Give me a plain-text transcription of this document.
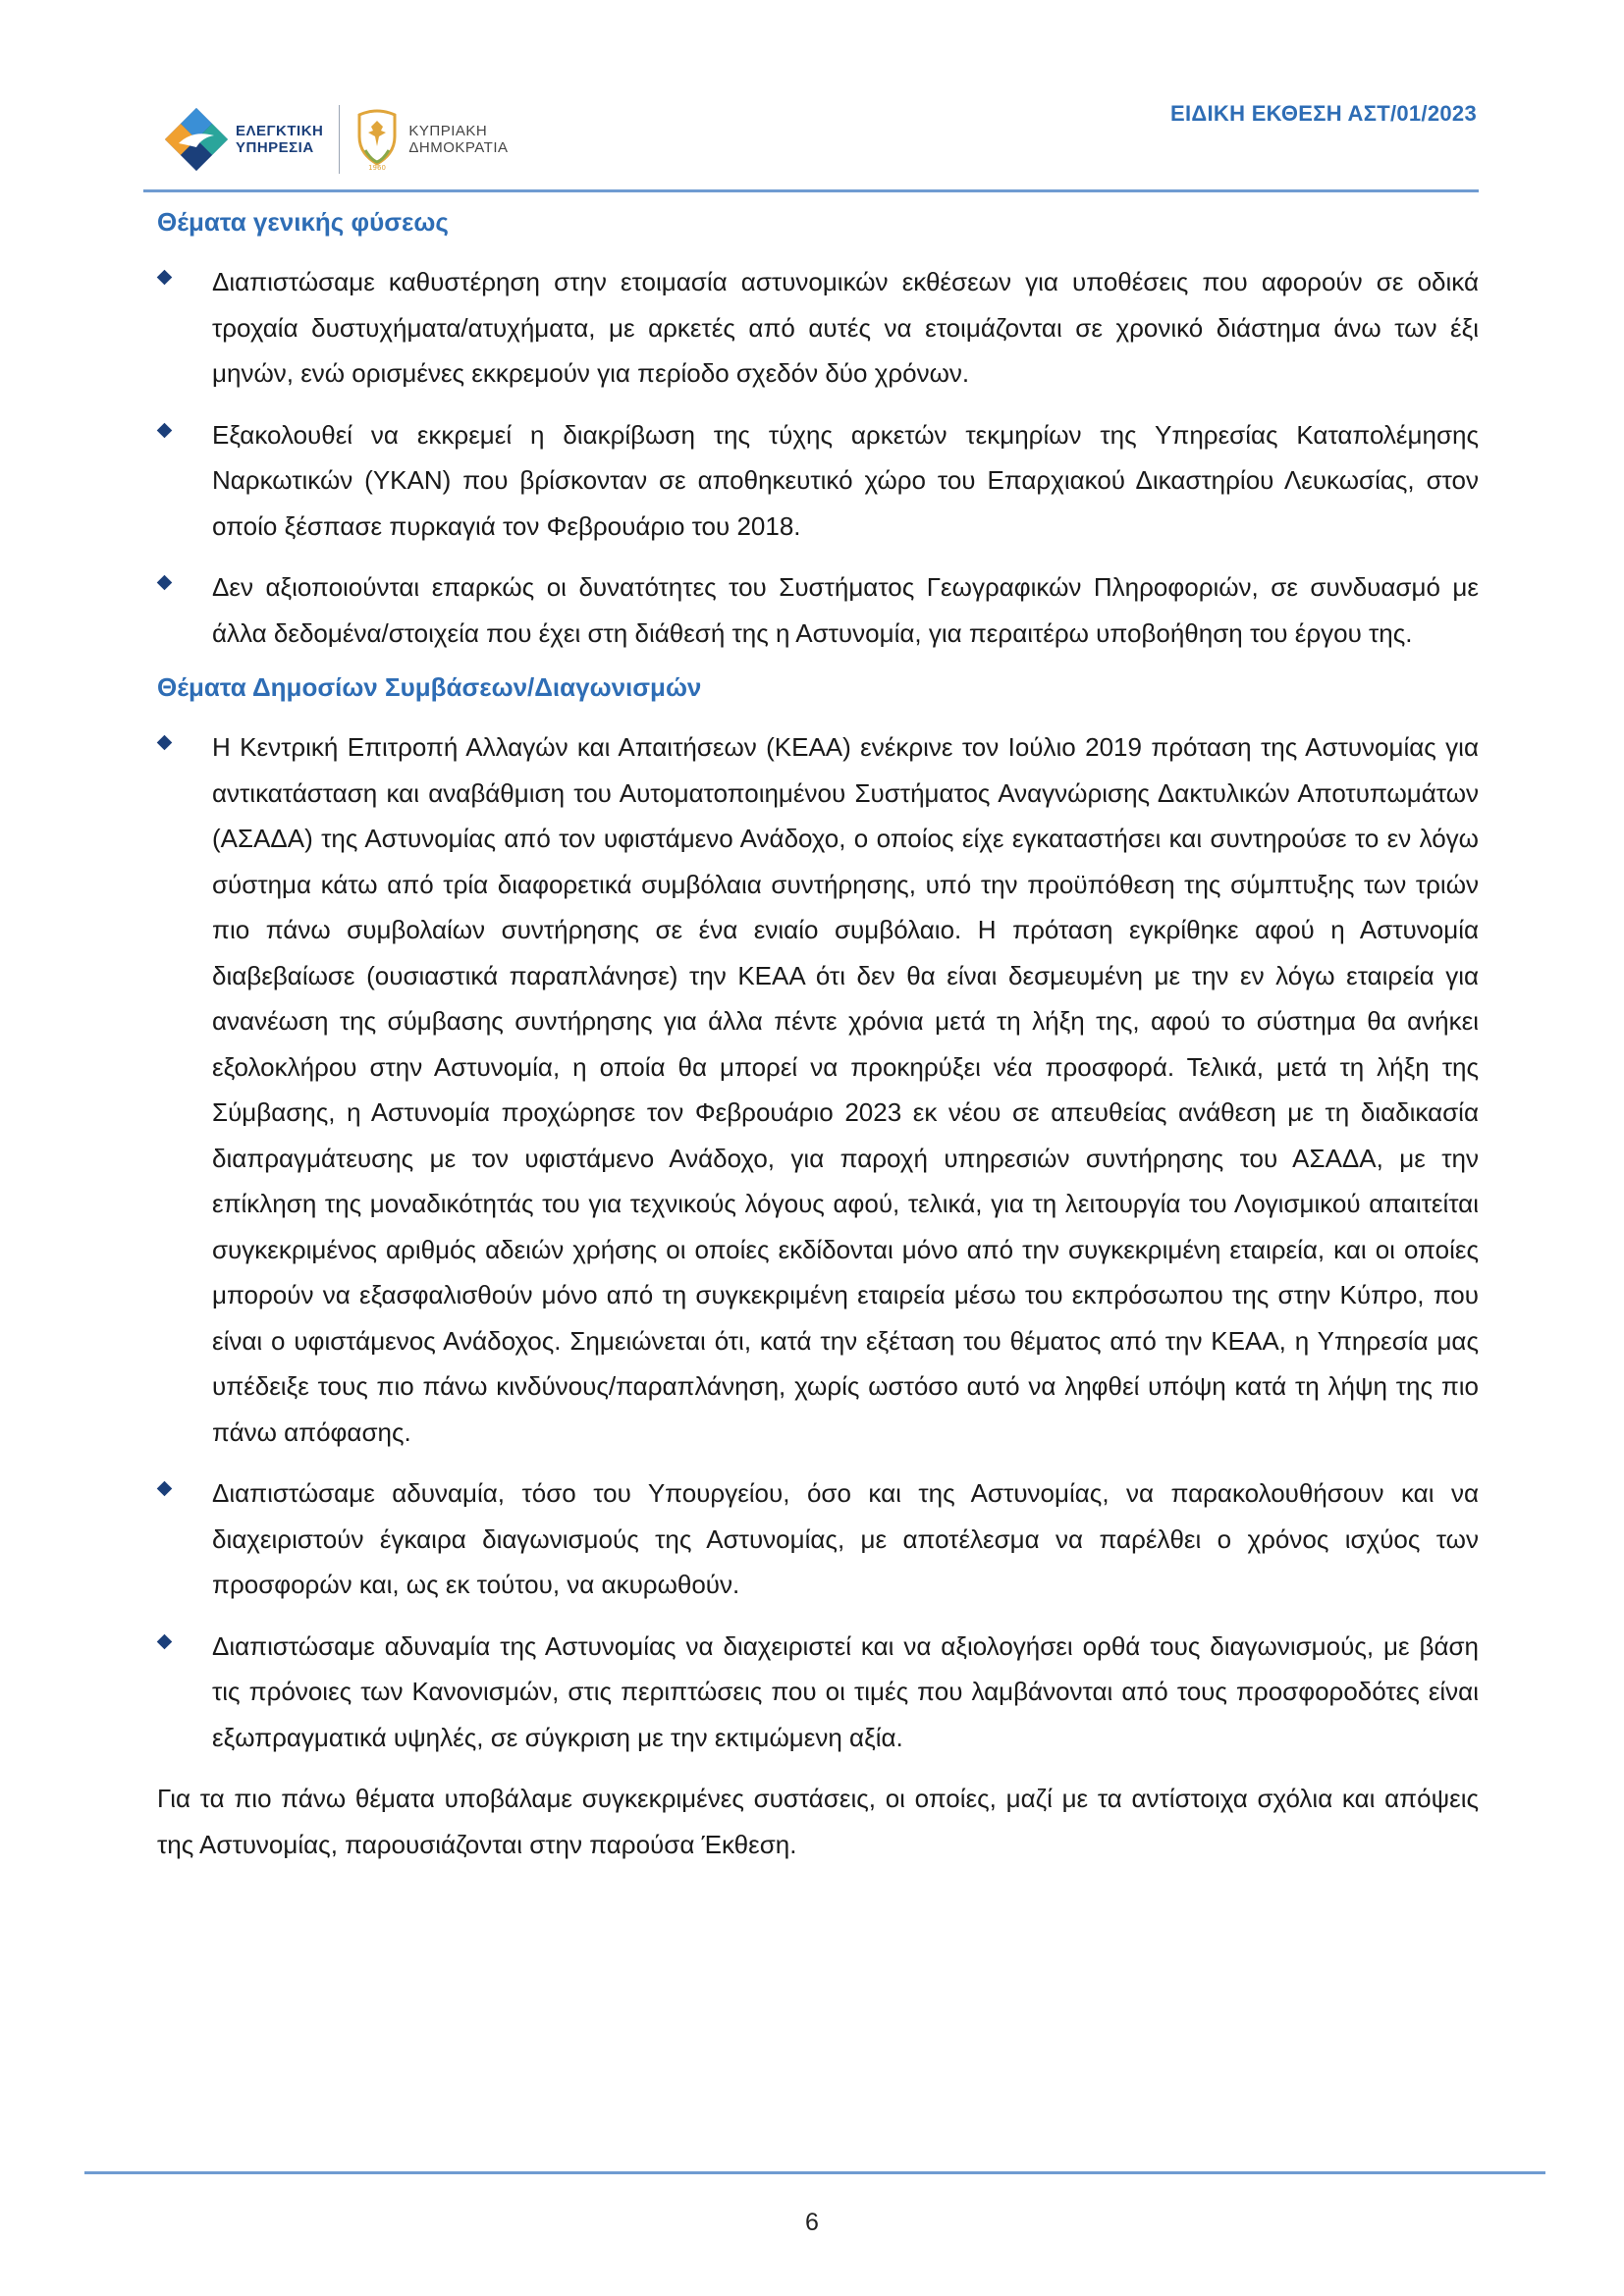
ΕΛΕΓΚΤΙΚΗ
ΥΠΗΡΕΣΙΑ
1960
ΚΥΠΡΙΑΚΗ
ΔΗΜΟΚΡΑΤΙΑ
ΕΙΔΙΚΗ ΕΚΘΕΣΗ ΑΣΤ/01/2023
Θέματα γενικής φύσεως

Διαπιστώσαμε καθυστέρηση στην ετοιμασία αστυνομικών εκθέσεων για υποθέσεις που αφορούν σε οδικά τροχαία δυστυχήματα/ατυχήματα, με αρκετές από αυτές να ετοιμάζονται σε χρονικό διάστημα άνω των έξι μηνών, ενώ ορισμένες εκκρεμούν για περίοδο σχεδόν δύο χρόνων.

Εξακολουθεί να εκκρεμεί η διακρίβωση της τύχης αρκετών τεκμηρίων της Υπηρεσίας Καταπολέμησης Ναρκωτικών (ΥΚΑΝ) που βρίσκονταν σε αποθηκευτικό χώρο του Επαρχιακού Δικαστηρίου Λευκωσίας, στον οποίο ξέσπασε πυρκαγιά τον Φεβρουάριο του 2018.

Δεν αξιοποιούνται επαρκώς οι δυνατότητες του Συστήματος Γεωγραφικών Πληροφοριών, σε συνδυασμό με άλλα δεδομένα/στοιχεία που έχει στη διάθεσή της η Αστυνομία, για περαιτέρω υποβοήθηση του έργου της.

Θέματα Δημοσίων Συμβάσεων/Διαγωνισμών

Η Κεντρική Επιτροπή Αλλαγών και Απαιτήσεων (ΚΕΑΑ) ενέκρινε τον Ιούλιο 2019 πρόταση της Αστυνομίας για αντικατάσταση και αναβάθμιση του Αυτοματοποιημένου Συστήματος Αναγνώρισης Δακτυλικών Αποτυπωμάτων (ΑΣΑΔΑ) της Αστυνομίας από τον υφιστάμενο Ανάδοχο, ο οποίος είχε εγκαταστήσει και συντηρούσε το εν λόγω σύστημα κάτω από τρία διαφορετικά συμβόλαια συντήρησης, υπό την προϋπόθεση της σύμπτυξης των τριών πιο πάνω συμβολαίων συντήρησης σε ένα ενιαίο συμβόλαιο. Η πρόταση εγκρίθηκε αφού η Αστυνομία διαβεβαίωσε (ουσιαστικά παραπλάνησε) την ΚΕΑΑ ότι δεν θα είναι δεσμευμένη με την εν λόγω εταιρεία για ανανέωση της σύμβασης συντήρησης για άλλα πέντε χρόνια μετά τη λήξη της, αφού το σύστημα θα ανήκει εξολοκλήρου στην Αστυνομία, η οποία θα μπορεί να προκηρύξει νέα προσφορά. Τελικά, μετά τη λήξη της Σύμβασης, η Αστυνομία προχώρησε τον Φεβρουάριο 2023 εκ νέου σε απευθείας ανάθεση με τη διαδικασία διαπραγμάτευσης με τον υφιστάμενο Ανάδοχο, για παροχή υπηρεσιών συντήρησης του ΑΣΑΔΑ, με την επίκληση της μοναδικότητάς του για τεχνικούς λόγους αφού, τελικά, για τη λειτουργία του Λογισμικού απαιτείται συγκεκριμένος αριθμός αδειών χρήσης οι οποίες εκδίδονται μόνο από την συγκεκριμένη εταιρεία, και οι οποίες μπορούν να εξασφαλισθούν μόνο από τη συγκεκριμένη εταιρεία μέσω του εκπρόσωπου της στην Κύπρο, που είναι ο υφιστάμενος Ανάδοχος. Σημειώνεται ότι, κατά την εξέταση του θέματος από την ΚΕΑΑ, η Υπηρεσία μας υπέδειξε τους πιο πάνω κινδύνους/παραπλάνηση, χωρίς ωστόσο αυτό να ληφθεί υπόψη κατά τη λήψη της πιο πάνω απόφασης.

Διαπιστώσαμε αδυναμία, τόσο του Υπουργείου, όσο και της Αστυνομίας, να παρακολουθήσουν και να διαχειριστούν έγκαιρα διαγωνισμούς της Αστυνομίας, με αποτέλεσμα να παρέλθει ο χρόνος ισχύος των προσφορών και, ως εκ τούτου, να ακυρωθούν.

Διαπιστώσαμε αδυναμία της Αστυνομίας να διαχειριστεί και να αξιολογήσει ορθά τους διαγωνισμούς, με βάση τις πρόνοιες των Κανονισμών, στις περιπτώσεις που οι τιμές που λαμβάνονται από τους προσφοροδότες είναι εξωπραγματικά υψηλές, σε σύγκριση με την εκτιμώμενη αξία.

Για τα πιο πάνω θέματα υποβάλαμε συγκεκριμένες συστάσεις, οι οποίες, μαζί με τα αντίστοιχα σχόλια και απόψεις της Αστυνομίας, παρουσιάζονται στην παρούσα Έκθεση.

6
